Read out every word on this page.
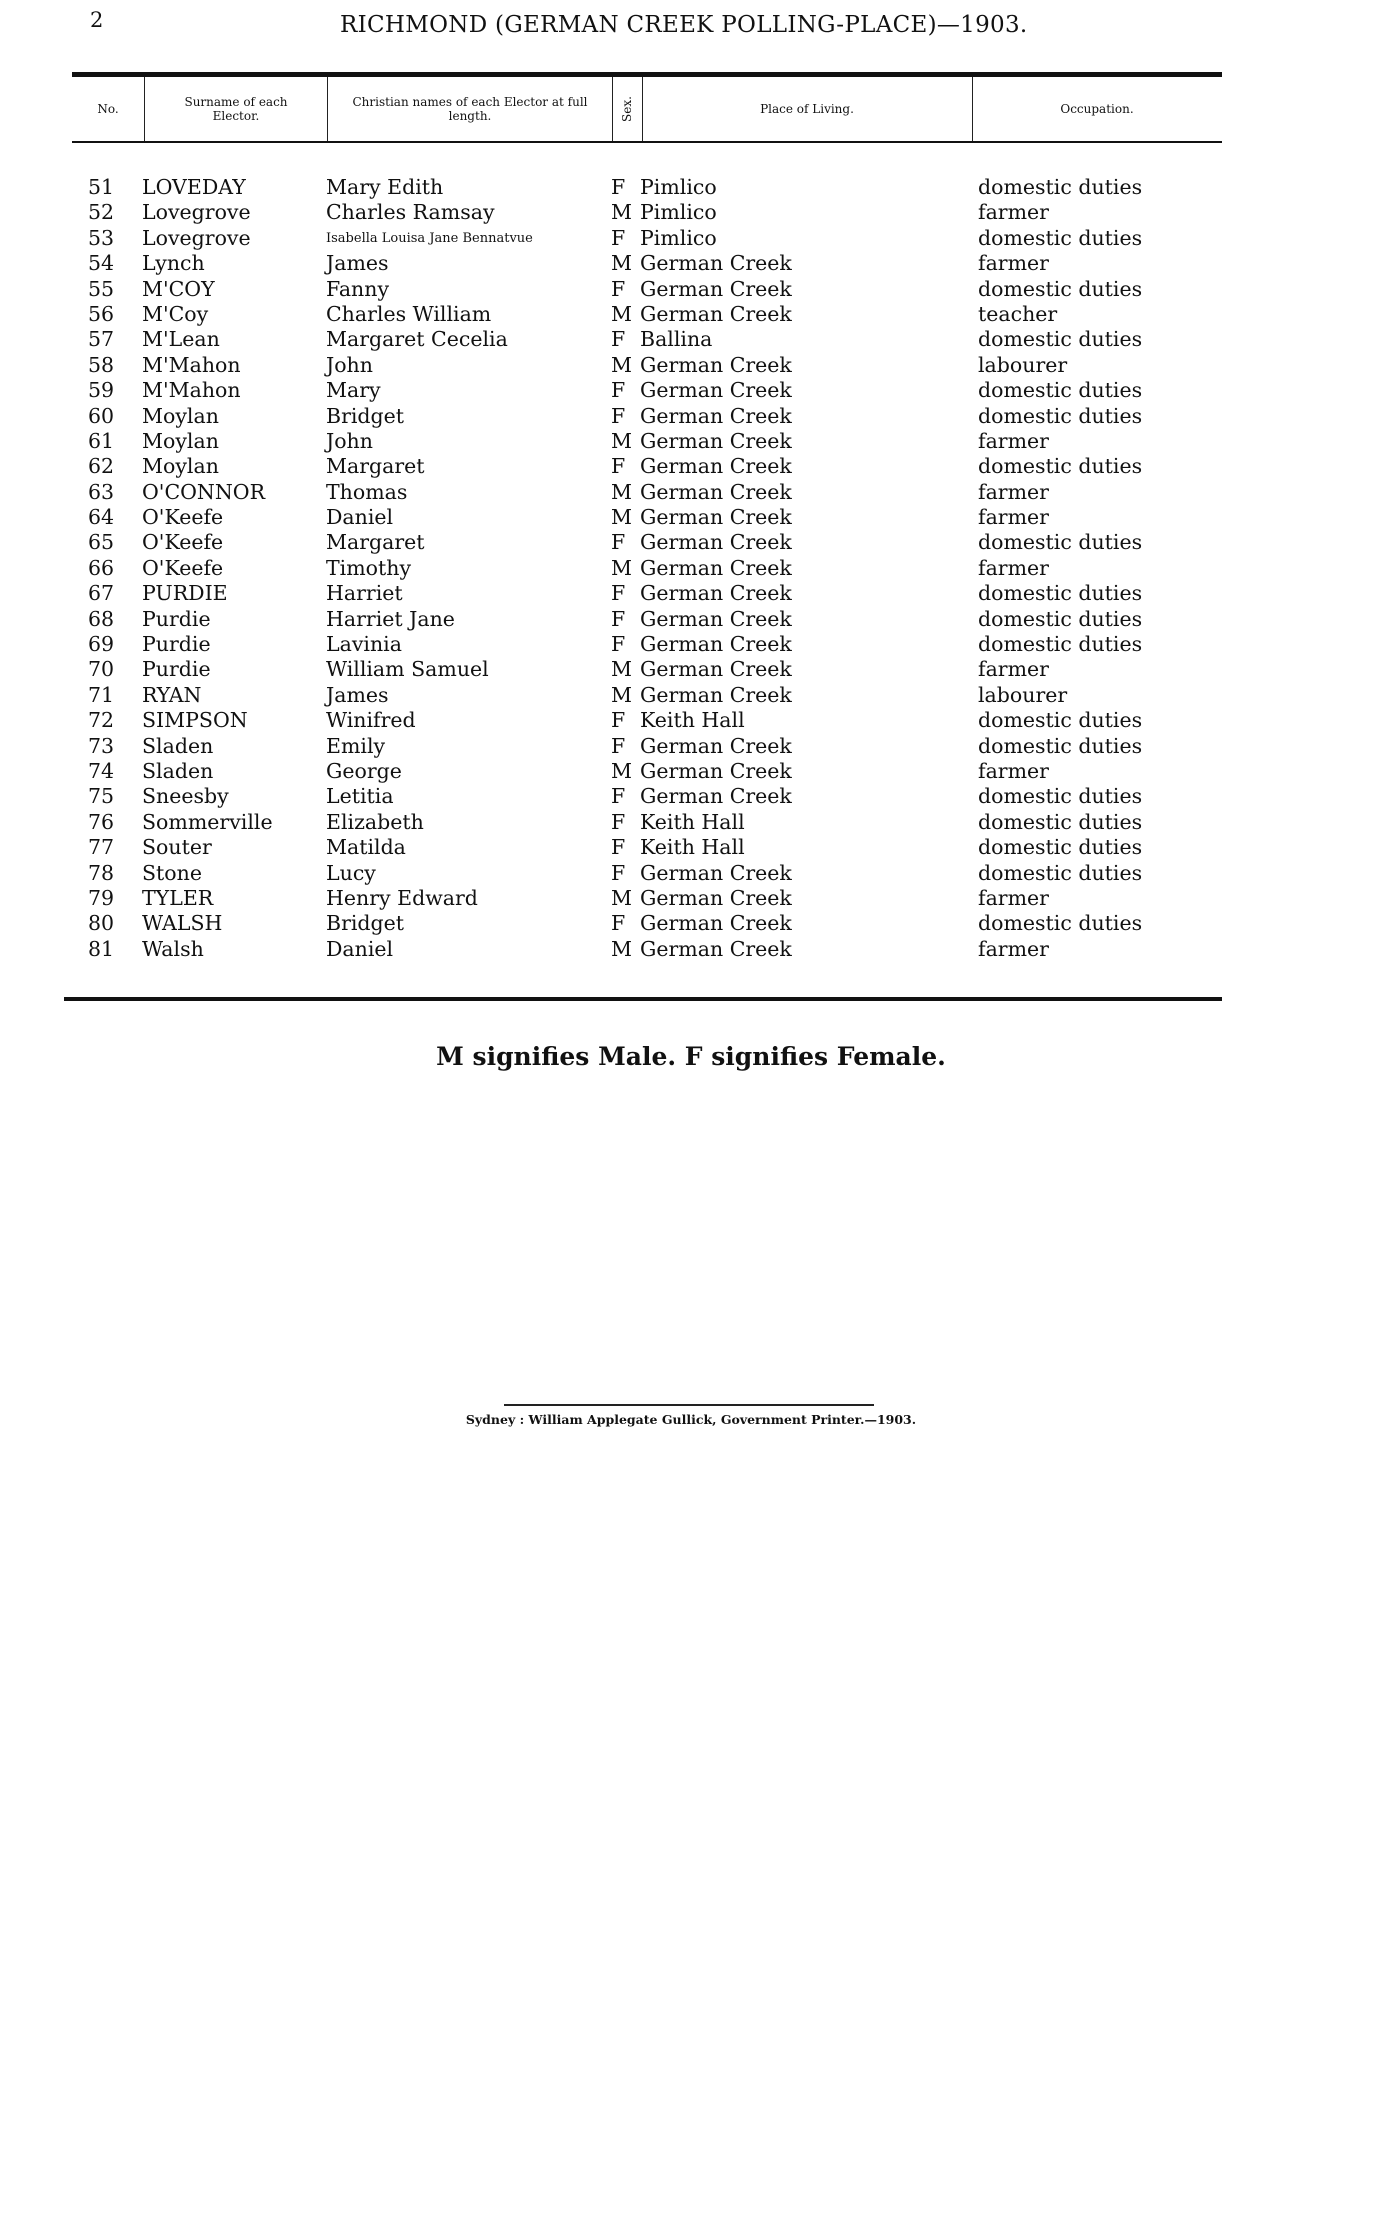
2	RICHMOND (GERMAN CREEK POLLING-PLACE)—1903.
No.	Surname of each Elector.
Christian names of each Elector at full length.	Sex.	Place of Living.	Occupation.
51 LOVEDAY	Mary Edith	F Pimlico	domestic duties
52 Lovegrove	Charles Ramsay	M Pimlico	farmer
53 Lovegrove	Isabella Louisa Jane Bennatvue	F Pimlico	domestic duties
54 Lynch	James	M German Creek	farmer
55 M'COY	Fanny	F German Creek	domestic duties
56 M'Coy	Charles William	M German Creek	teacher
57 M'Lean	Margaret Cecelia	F Ballina	domestic duties
58 M'Mahon	John	M German Creek	labourer
59 M'Mahon	Mary	F German Creek	domestic duties
60 Moylan	Bridget	F German Creek	domestic duties
61 Moylan	John	M German Creek	farmer
62 Moylan	Margaret	F German Creek	domestic duties
63 O'CONNOR	Thomas	M German Creek	farmer
64 O'Keefe	Daniel	M German Creek	farmer
65 O'Keefe	Margaret	F German Creek	domestic duties
66 O'Keefe	Timothy	M German Creek	farmer
67 PURDIE	Harriet	F German Creek	domestic duties
68 Purdie	Harriet Jane	F German Creek	domestic duties
69 Purdie	Lavinia	F German Creek	domestic duties
70 Purdie	William Samuel	M German Creek	farmer
71 RYAN	James	M German Creek	labourer
72 SIMPSON	Winifred	F Keith Hall	domestic duties
73 Sladen	Emily	F German Creek	domestic duties
74 Sladen	George	M German Creek	farmer
75 Sneesby	Letitia	F German Creek	domestic duties
76 Sommerville	Elizabeth	F Keith Hall	domestic duties
77 Souter	Matilda	F Keith Hall	domestic duties
78 Stone	Lucy	F German Creek	domestic duties
79 TYLER	Henry Edward	M German Creek	farmer
80 WALSH	Bridget	F German Creek	domestic duties
81 Walsh	Daniel	M German Creek	farmer
M signifies Male. F signifies Female.
Sydney : William Applegate Gullick, Government Printer.—1903.
